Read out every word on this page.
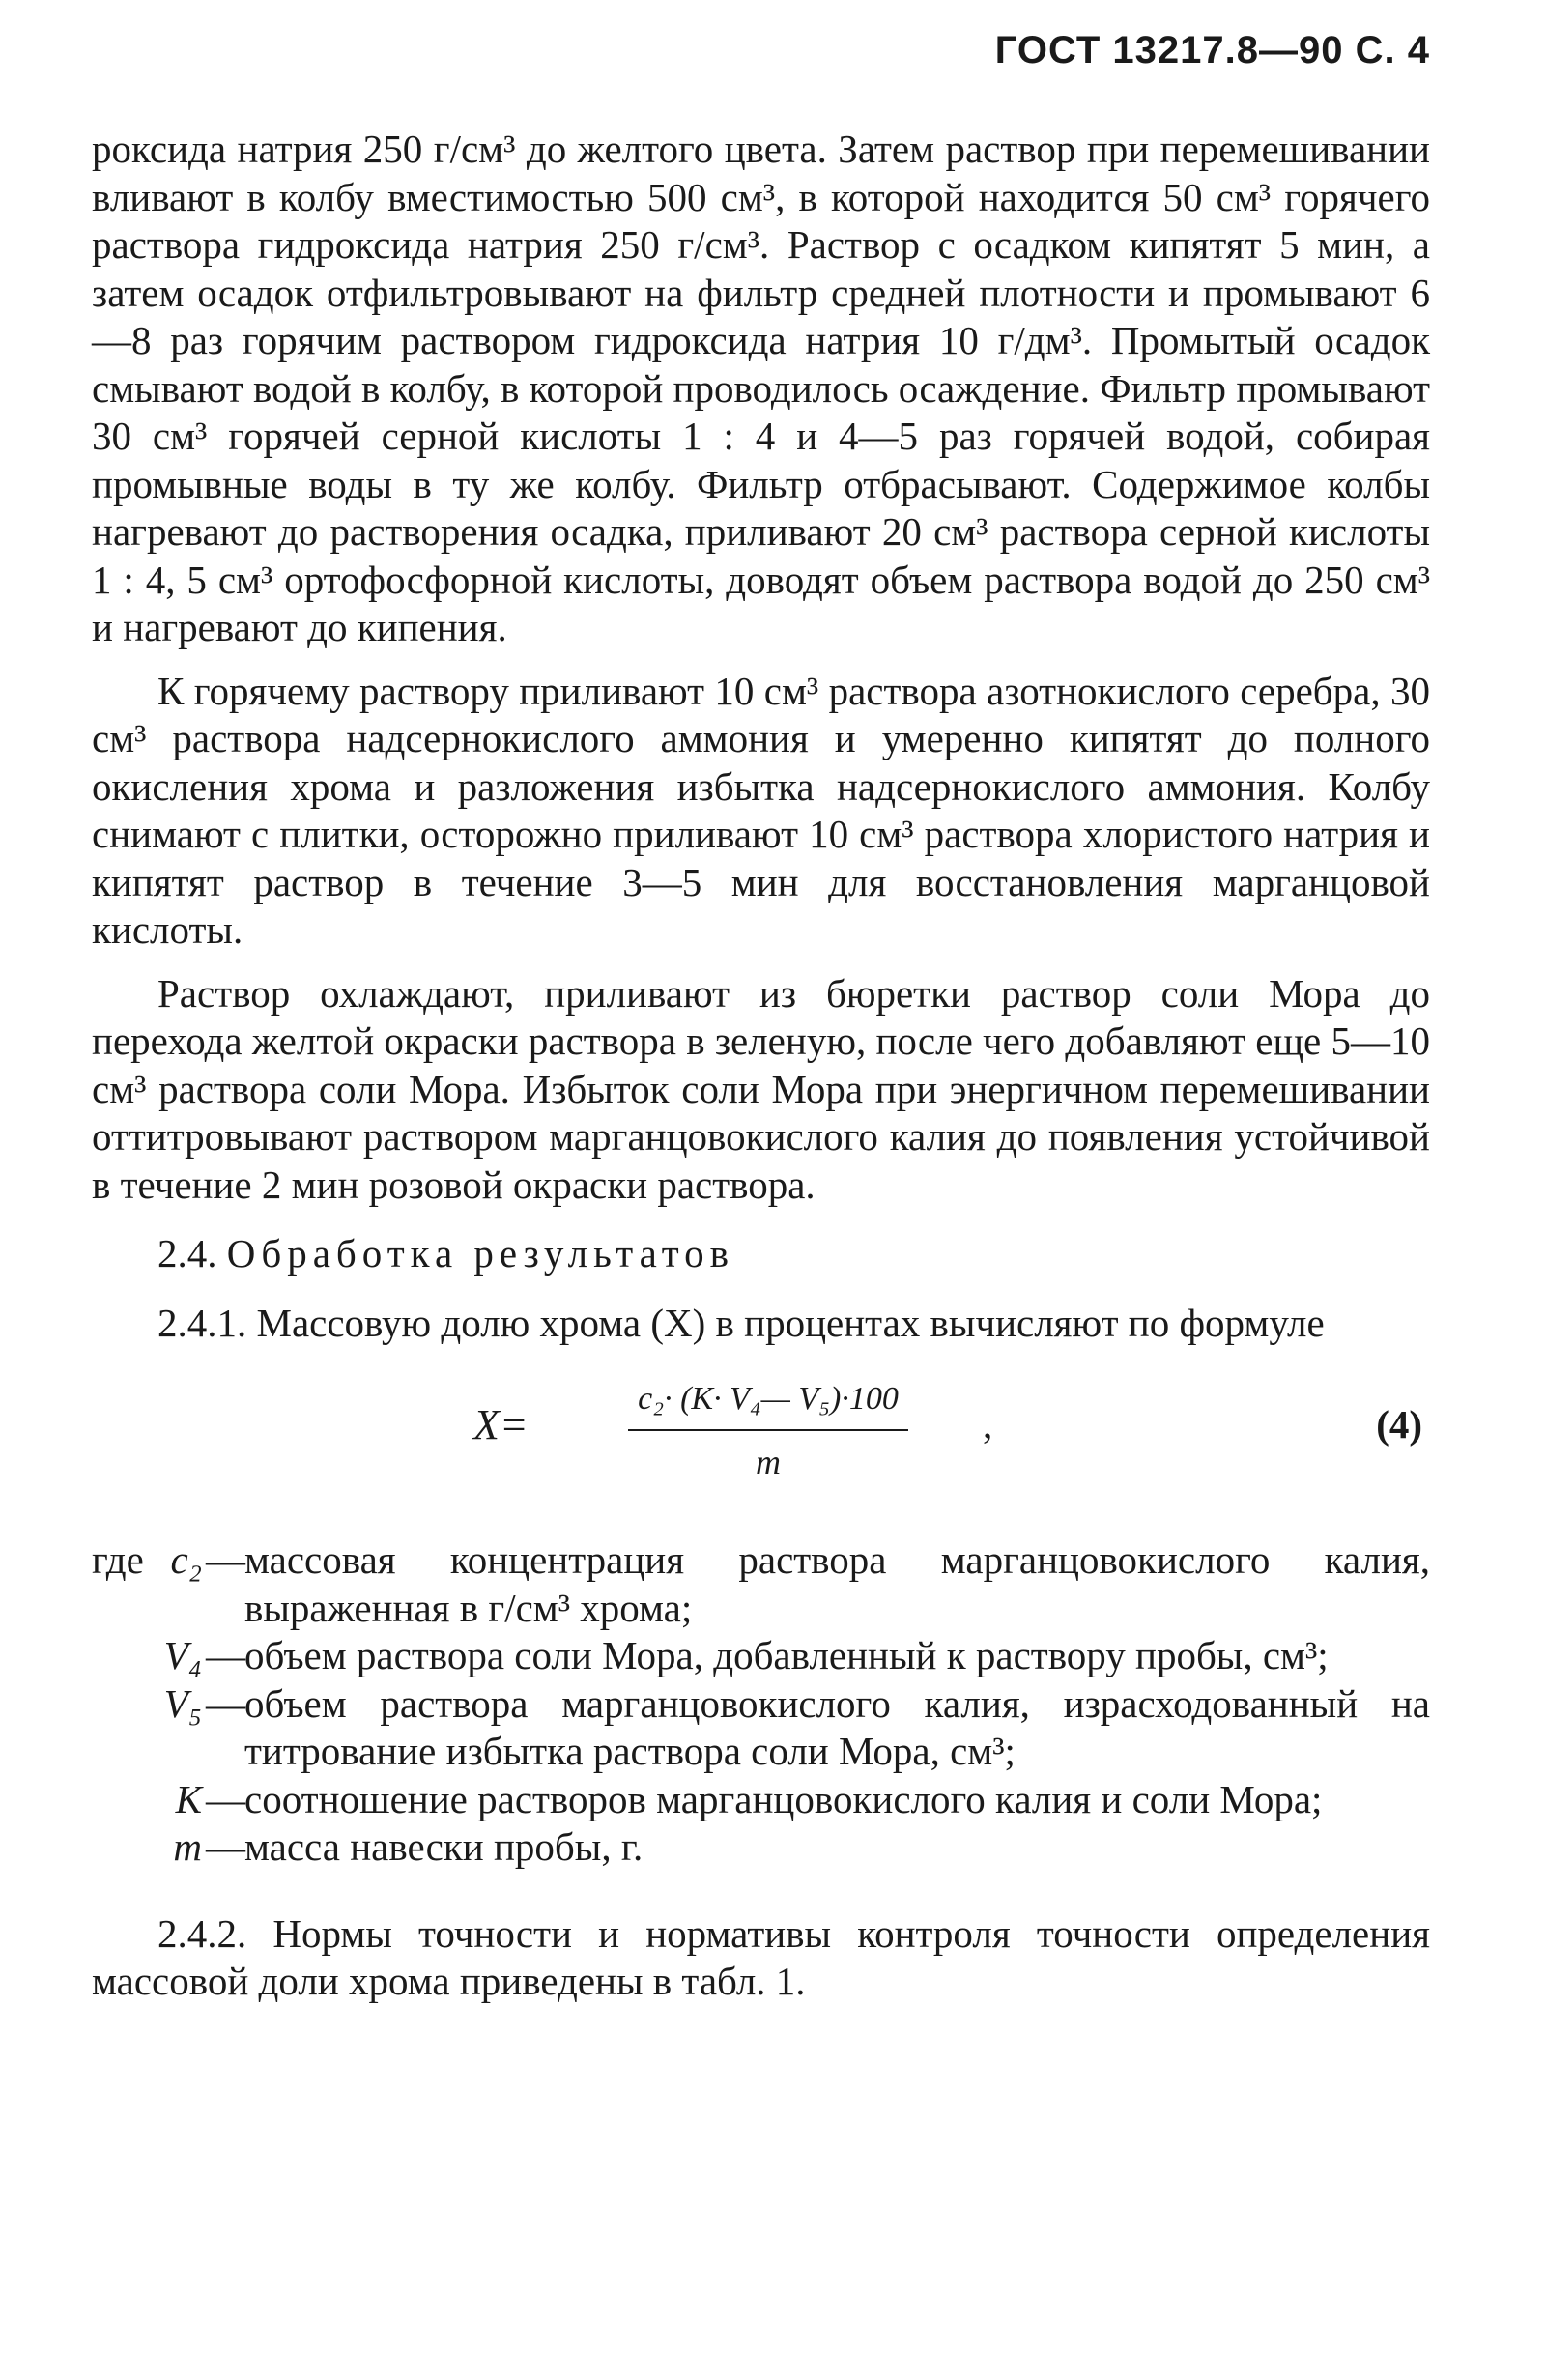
ГОСТ 13217.8—90 С. 4

роксида натрия 250 г/см³ до желтого цвета. Затем раствор при перемешивании вливают в колбу вместимостью 500 см³, в которой находится 50 см³ горячего раствора гидроксида натрия 250 г/см³. Раствор с осадком кипятят 5 мин, а затем осадок отфильтровывают на фильтр средней плотности и промывают 6—8 раз горячим раствором гидроксида натрия 10 г/дм³. Промытый осадок смывают водой в колбу, в которой проводилось осаждение. Фильтр промывают 30 см³ горячей серной кислоты 1 : 4 и 4—5 раз горячей водой, собирая промывные воды в ту же колбу. Фильтр отбрасывают. Содержимое колбы нагревают до растворения осадка, приливают 20 см³ раствора серной кислоты 1 : 4, 5 см³ ортофосфорной кислоты, доводят объем раствора водой до 250 см³ и нагревают до кипения.

К горячему раствору приливают 10 см³ раствора азотнокислого серебра, 30 см³ раствора надсернокислого аммония и умеренно кипятят до полного окисления хрома и разложения избытка надсернокислого аммония. Колбу снимают с плитки, осторожно приливают 10 см³ раствора хлористого натрия и кипятят раствор в течение 3—5 мин для восстановления марганцовой кислоты.

Раствор охлаждают, приливают из бюретки раствор соли Мора до перехода желтой окраски раствора в зеленую, после чего добавляют еще 5—10 см³ раствора соли Мора. Избыток соли Мора при энергичном перемешивании оттитровывают раствором марганцовокислого калия до появления устойчивой в течение 2 мин розовой окраски раствора.

2.4. Обработка результатов

2.4.1. Массовую долю хрома (X) в процентах вычисляют по формуле

$X= \frac{\text{c₂· (K· V₄— V₅)·100}}{m}$ ,	(4)
где c₂ — массовая концентрация раствора марганцовокислого калия, выраженная в г/см³ хрома;
V₄ — объем раствора соли Мора, добавленный к раствору пробы, см³;
V₅ — объем раствора марганцовокислого калия, израсходованный на титрование избытка раствора соли Мора, см³;
K — соотношение растворов марганцовокислого калия и соли Мора;
m — масса навески пробы, г.

2.4.2. Нормы точности и нормативы контроля точности определения массовой доли хрома приведены в табл. 1.
